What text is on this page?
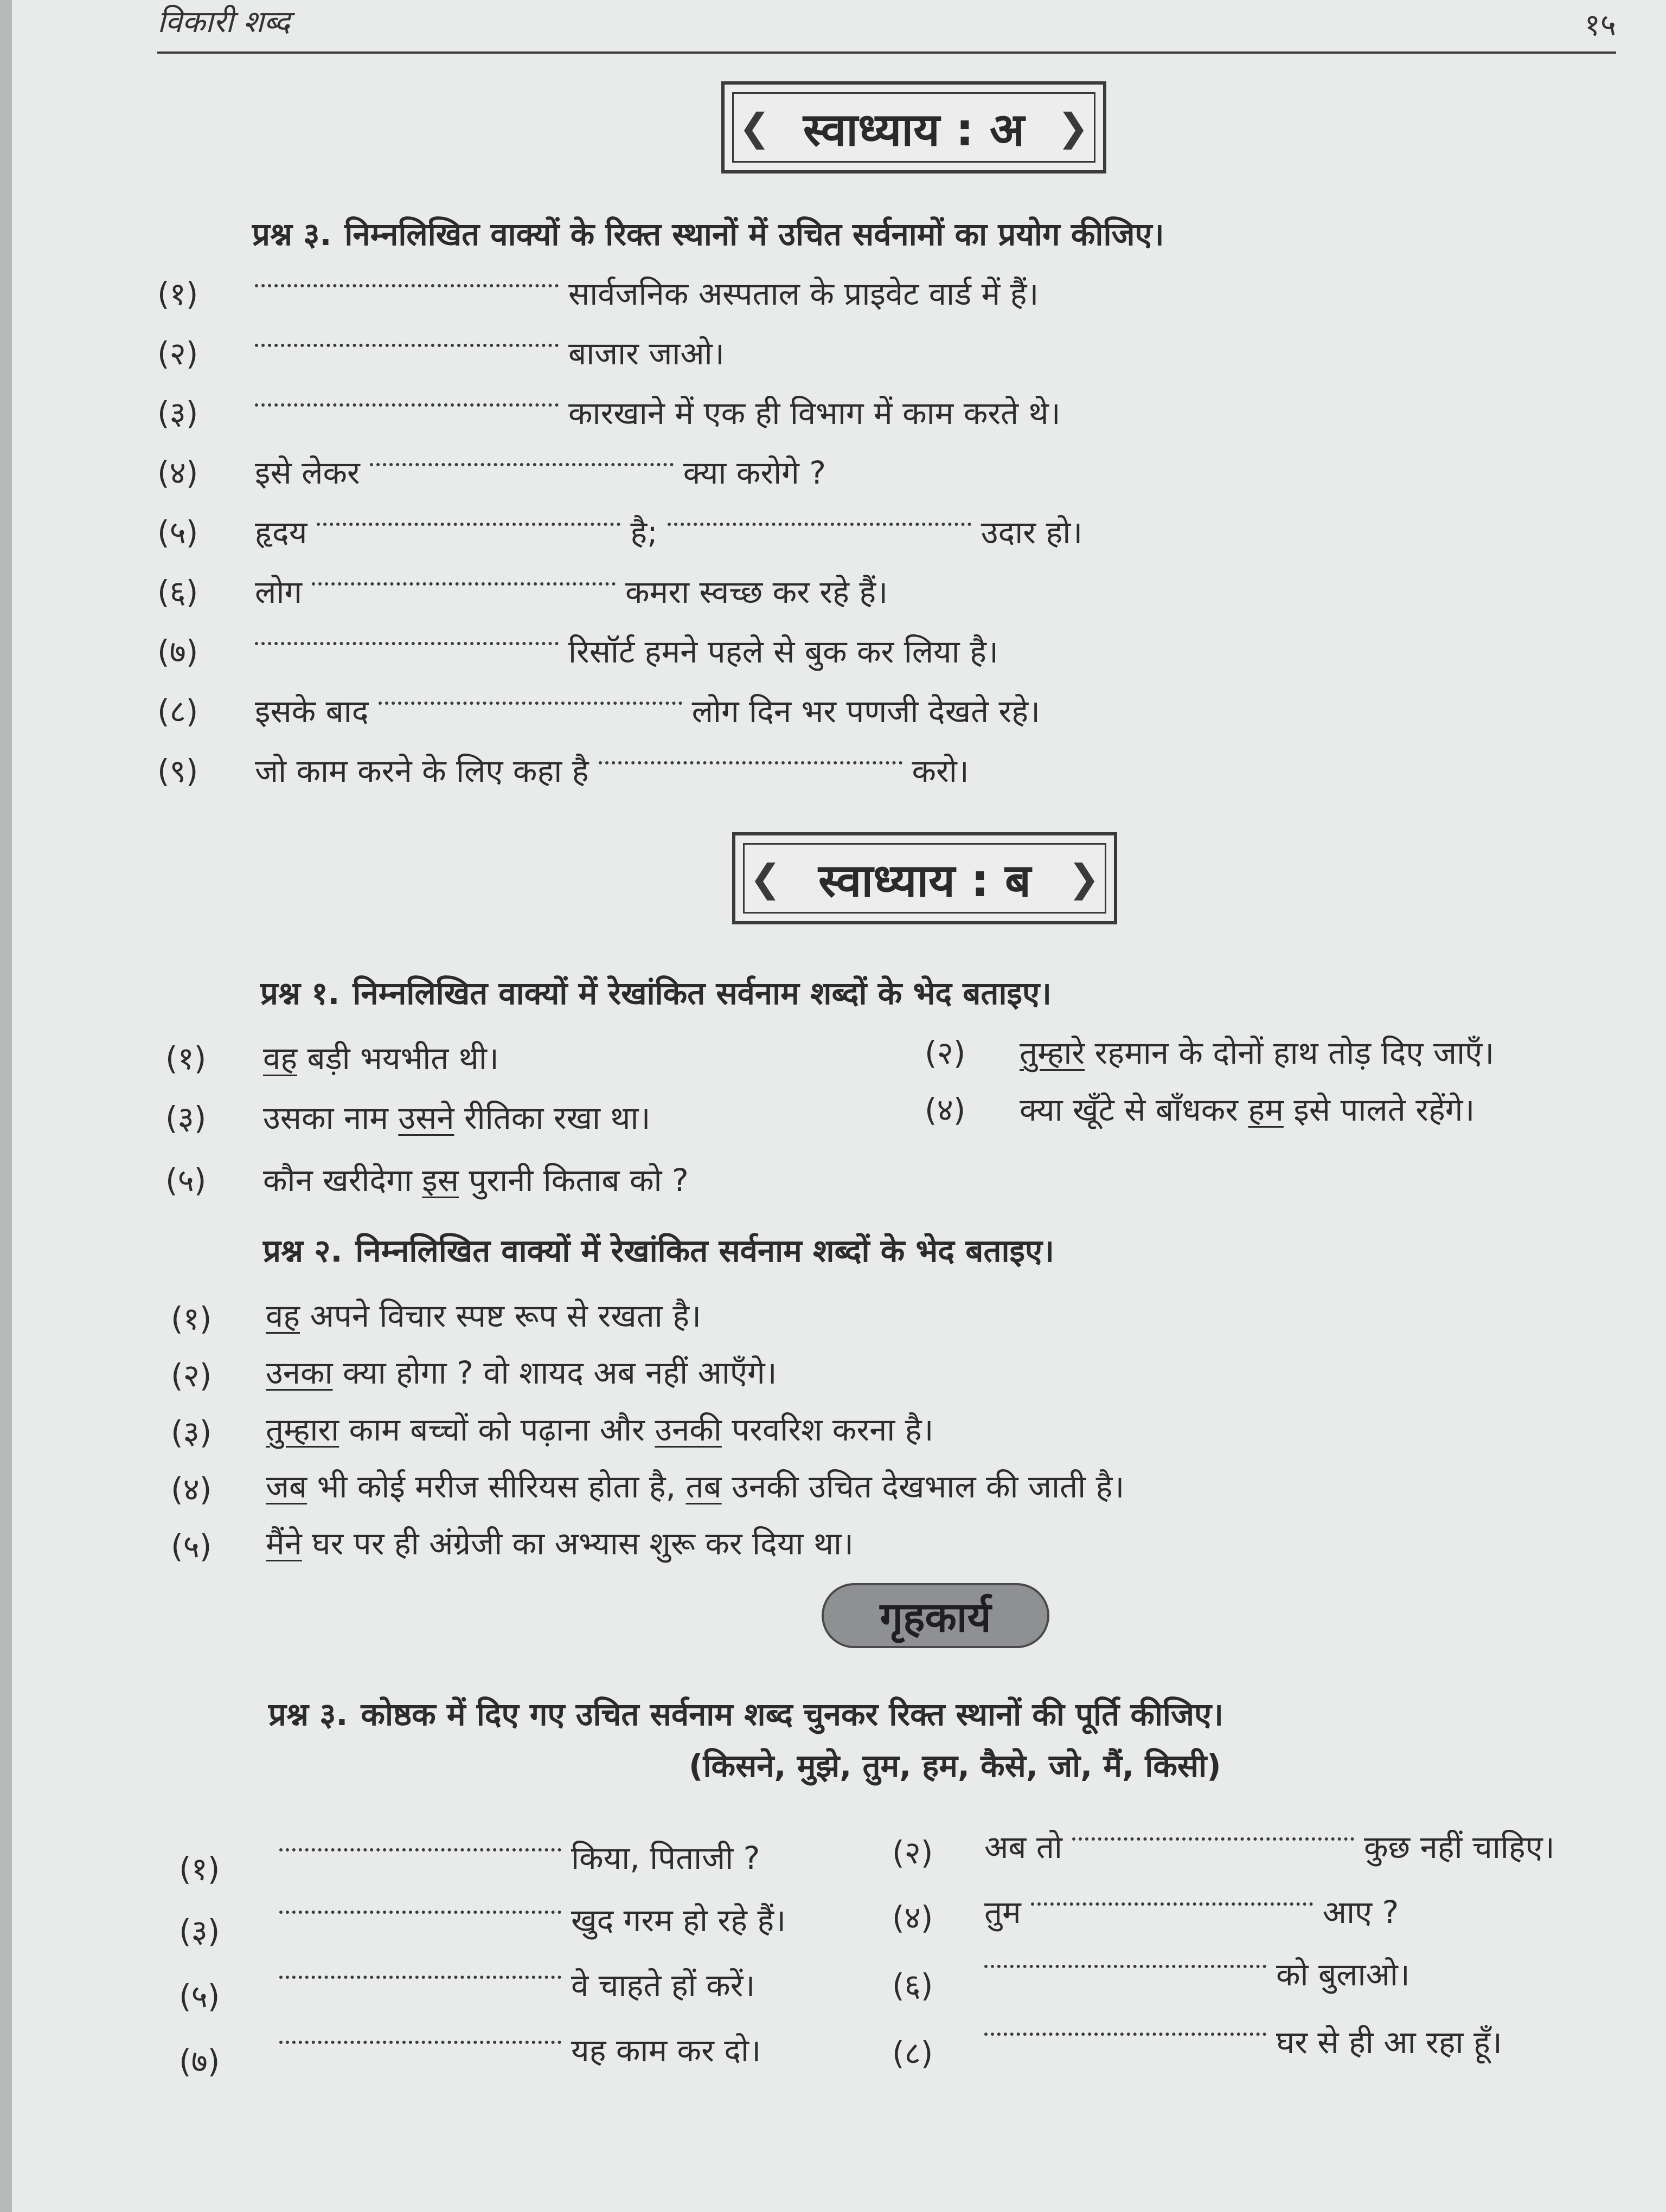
विकारी शब्द	१५
❮ स्वाध्याय : अ ❯
प्रश्न ३. निम्नलिखित वाक्यों के रिक्त स्थानों में उचित सर्वनामों का प्रयोग कीजिए।
(१)	सार्वजनिक अस्पताल के प्राइवेट वार्ड में हैं।
(२)	बाजार जाओ।
(३)	कारखाने में एक ही विभाग में काम करते थे।
(४) इसे लेकर	क्या करोगे ?
(५) हृदय	है;	उदार हो।
(६) लोग	कमरा स्वच्छ कर रहे हैं।
(७)	रिसॉर्ट हमने पहले से बुक कर लिया है।
(८) इसके बाद	लोग दिन भर पणजी देखते रहे।
(९) जो काम करने के लिए कहा है	करो।
❮ स्वाध्याय : ब ❯
प्रश्न १. निम्नलिखित वाक्यों में रेखांकित सर्वनाम शब्दों के भेद बताइए।
(१) वह बड़ी भयभीत थी।	(२) तुम्हारे रहमान के दोनों हाथ तोड़ दिए जाएँ।
(३) उसका नाम उसने रीतिका रखा था।	(४) क्या खूँटे से बाँधकर हम इसे पालते रहेंगे।
(५) कौन खरीदेगा इस पुरानी किताब को ?
प्रश्न २. निम्नलिखित वाक्यों में रेखांकित सर्वनाम शब्दों के भेद बताइए।
(१) वह अपने विचार स्पष्ट रूप से रखता है।
(२) उनका क्या होगा ? वो शायद अब नहीं आएँगे।
(३) तुम्हारा काम बच्चों को पढ़ाना और उनकी परवरिश करना है।
(४) जब भी कोई मरीज सीरियस होता है, तब उनकी उचित देखभाल की जाती है।
(५) मैंने घर पर ही अंग्रेजी का अभ्यास शुरू कर दिया था।
गृहकार्य
प्रश्न ३. कोष्ठक में दिए गए उचित सर्वनाम शब्द चुनकर रिक्त स्थानों की पूर्ति कीजिए।
(किसने, मुझे, तुम, हम, कैसे, जो, मैं, किसी)
(१)	किया, पिताजी ?	(२) अब तो	कुछ नहीं चाहिए।
(३)	खुद गरम हो रहे हैं।	(४) तुम	आए ?
(५)	वे चाहते हों करें।	(६)	को बुलाओ।
(७)	यह काम कर दो।	(८)	घर से ही आ रहा हूँ।
